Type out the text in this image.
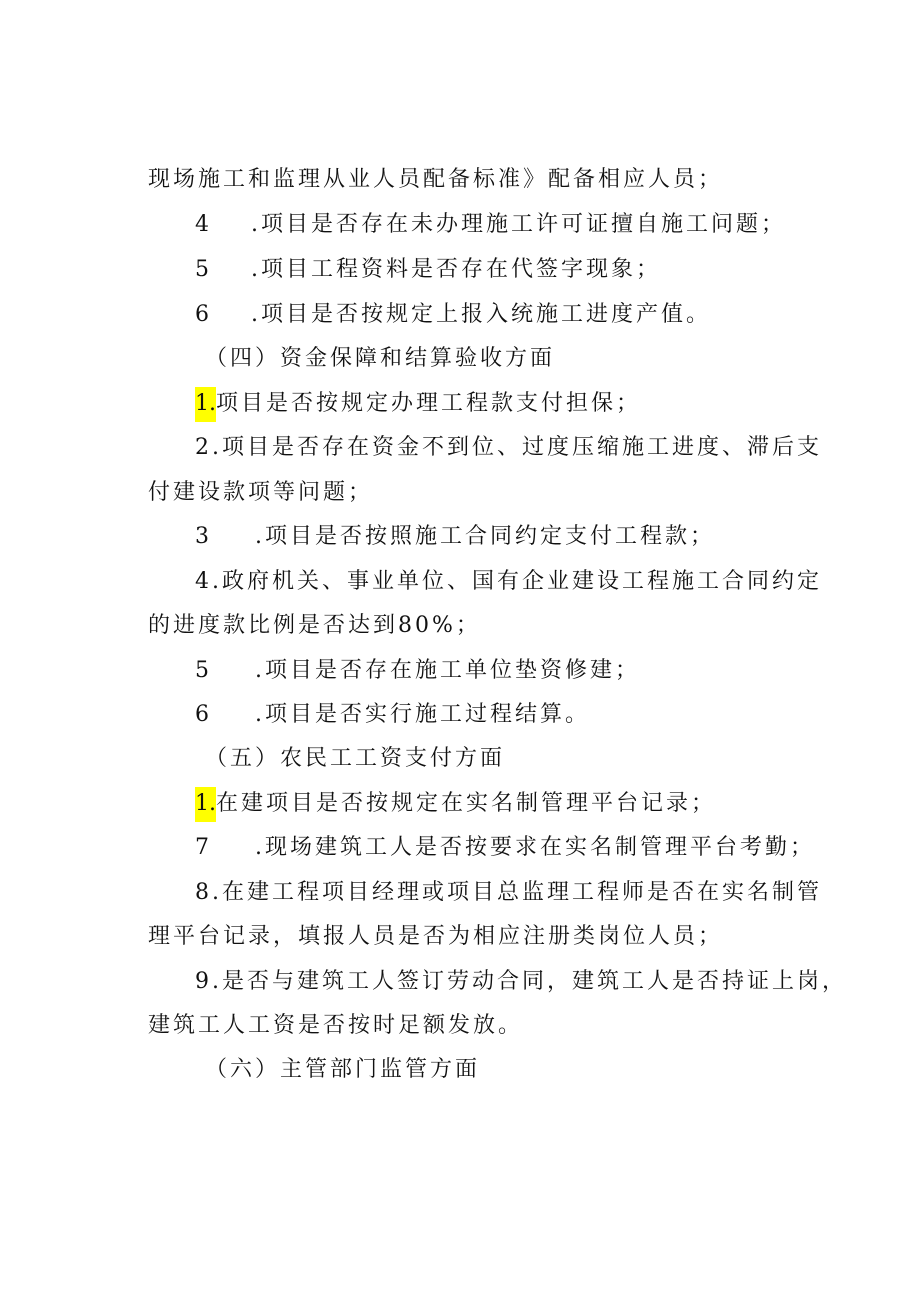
现场施工和监理从业人员配备标准》配备相应人员；
4 .项目是否存在未办理施工许可证擅自施工问题；
5 .项目工程资料是否存在代签字现象；
6 .项目是否按规定上报入统施工进度产值。
（四）资金保障和结算验收方面
1.项目是否按规定办理工程款支付担保；
2.项目是否存在资金不到位、过度压缩施工进度、滞后支
付建设款项等问题；
3 .项目是否按照施工合同约定支付工程款；
4.政府机关、事业单位、国有企业建设工程施工合同约定
的进度款比例是否达到80%；
5 .项目是否存在施工单位垫资修建；
6 .项目是否实行施工过程结算。
（五）农民工工资支付方面
1.在建项目是否按规定在实名制管理平台记录；
7 .现场建筑工人是否按要求在实名制管理平台考勤；
8.在建工程项目经理或项目总监理工程师是否在实名制管
理平台记录，填报人员是否为相应注册类岗位人员；
9.是否与建筑工人签订劳动合同，建筑工人是否持证上岗，
建筑工人工资是否按时足额发放。
（六）主管部门监管方面
